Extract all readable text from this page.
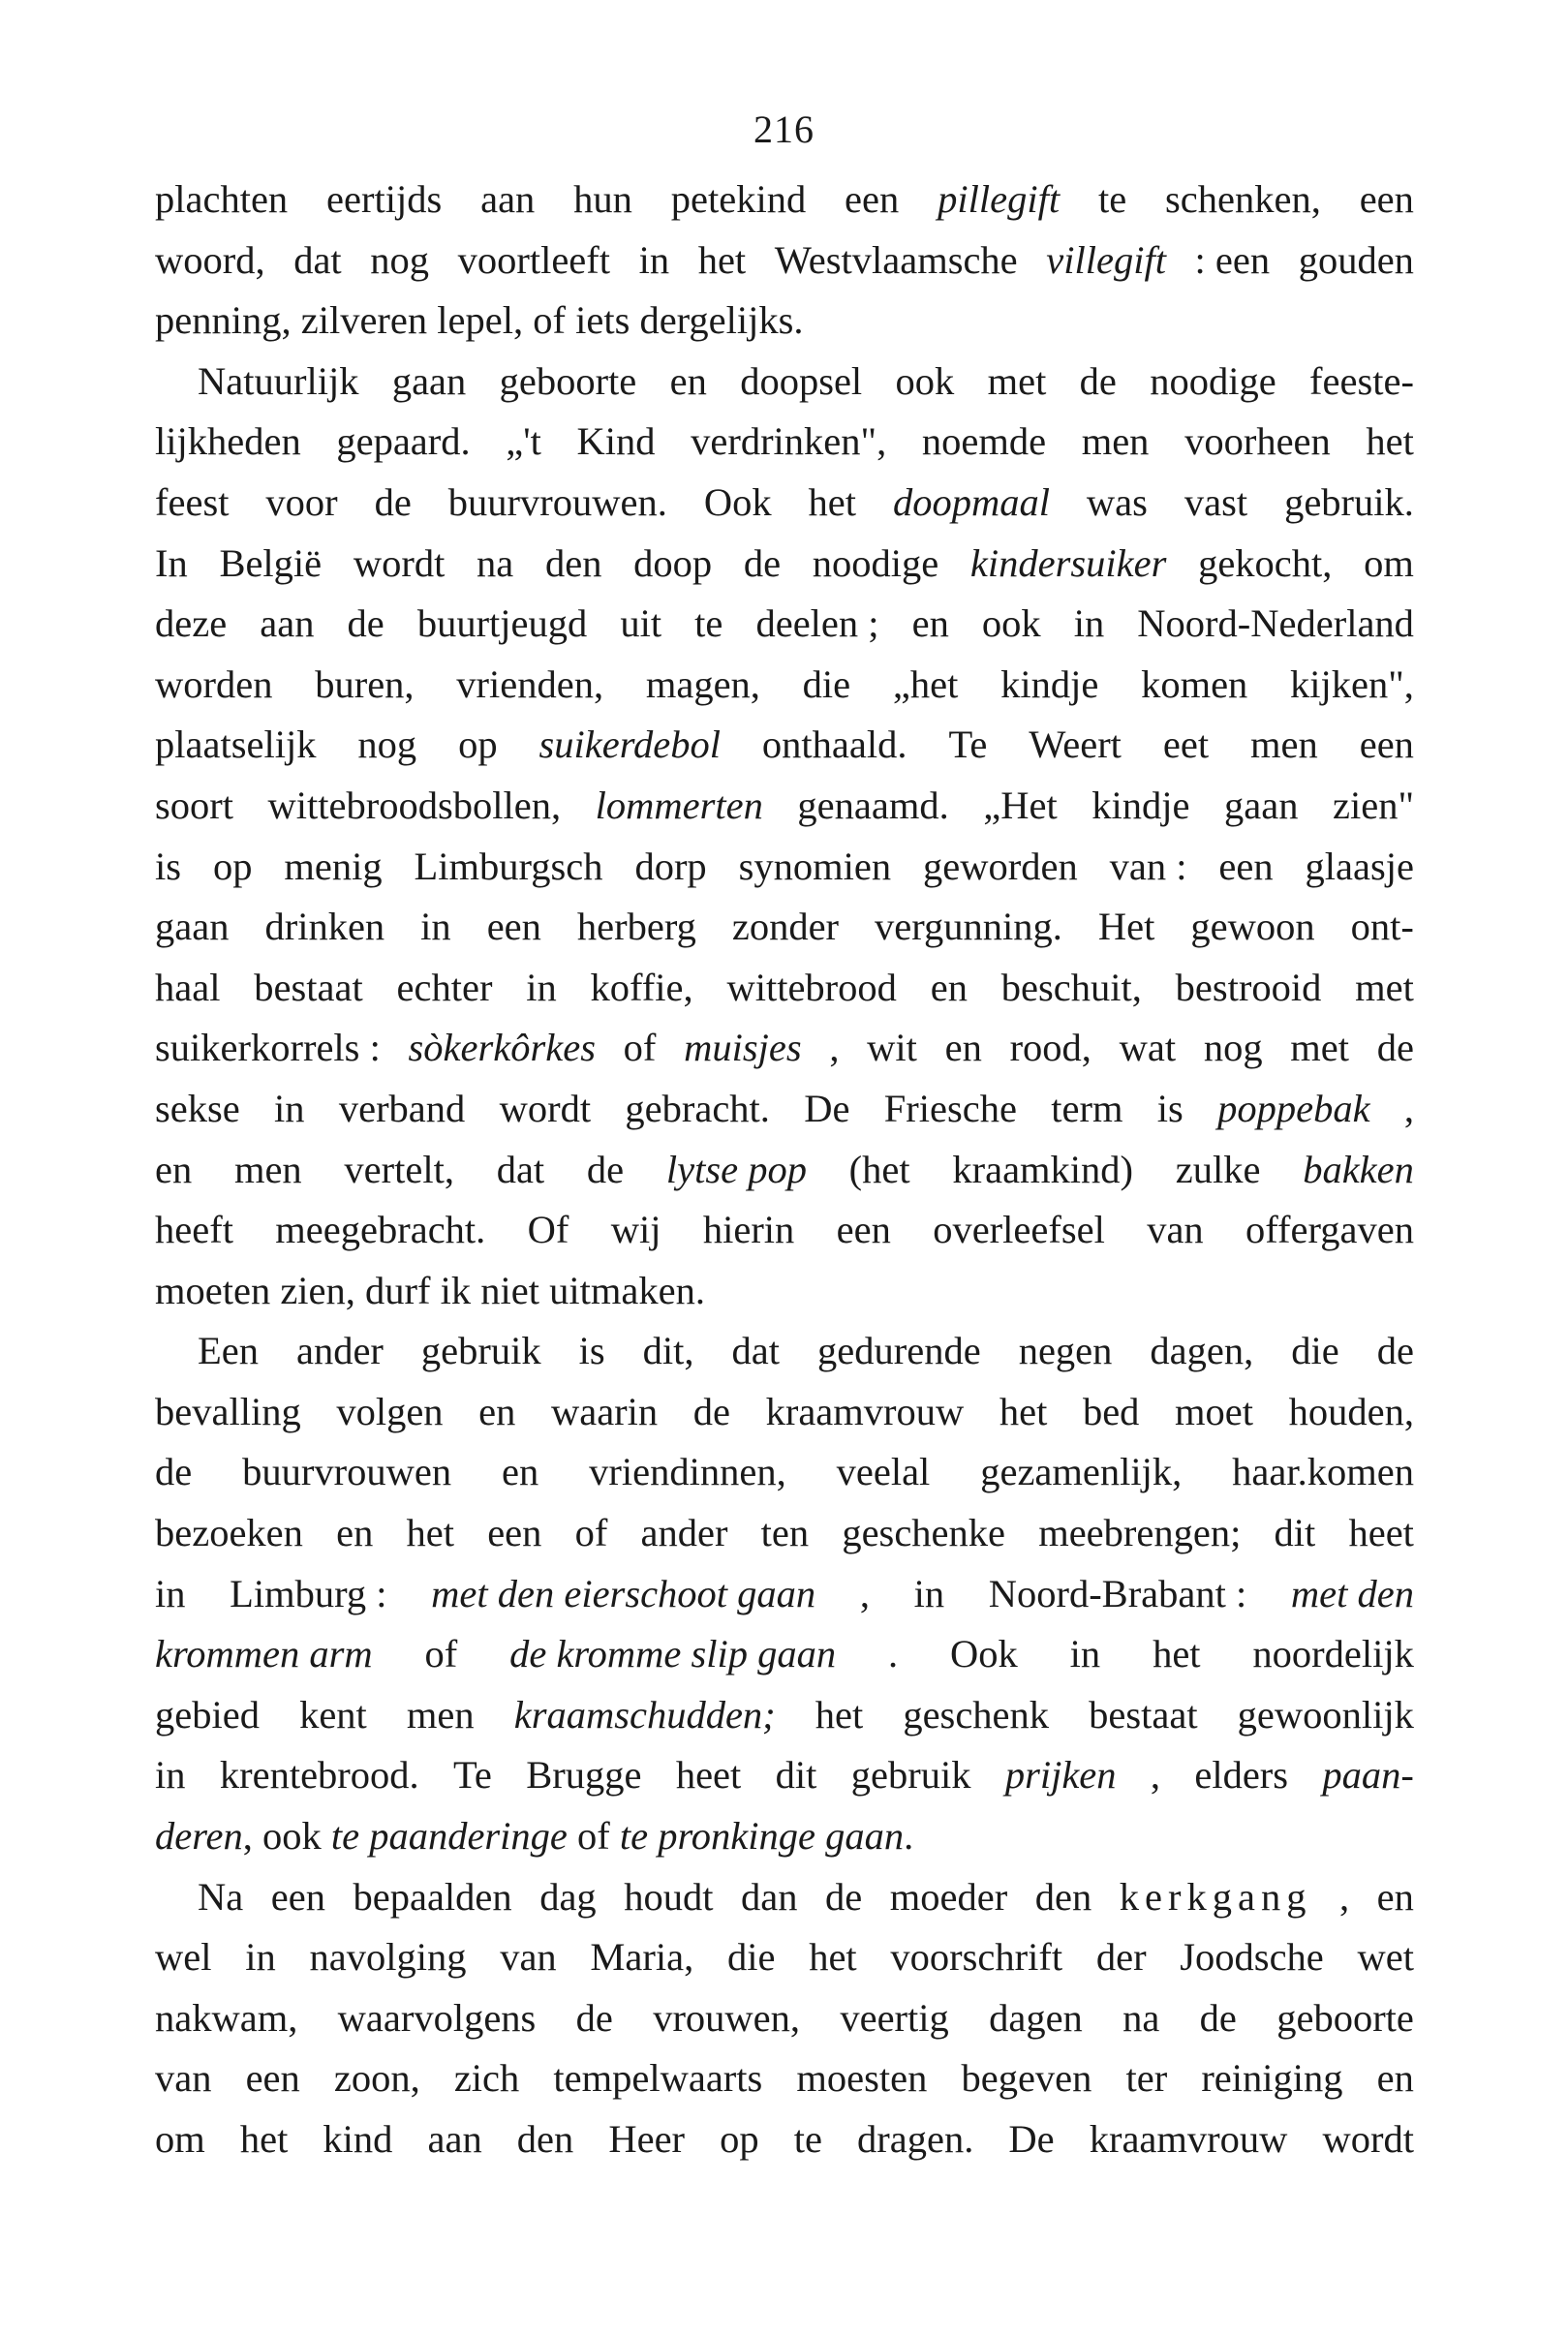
216
plachten eertijds aan hun petekind een pillegift te schenken, een
woord, dat nog voortleeft in het Westvlaamsche villegift : een gouden
penning, zilveren lepel, of iets dergelijks.
Natuurlijk gaan geboorte en doopsel ook met de noodige feeste-
lijkheden gepaard. „'t Kind verdrinken", noemde men voorheen het
feest voor de buurvrouwen. Ook het doopmaal was vast gebruik.
In België wordt na den doop de noodige kindersuiker gekocht, om
deze aan de buurtjeugd uit te deelen ; en ook in Noord-Nederland
worden buren, vrienden, magen, die „het kindje komen kijken",
plaatselijk nog op suikerdebol onthaald. Te Weert eet men een
soort wittebroodsbollen, lommerten genaamd. „Het kindje gaan zien"
is op menig Limburgsch dorp synomien geworden van : een glaasje
gaan drinken in een herberg zonder vergunning. Het gewoon ont-
haal bestaat echter in koffie, wittebrood en beschuit, bestrooid met
suikerkorrels : sòkerkôrkes of muisjes , wit en rood, wat nog met de
sekse in verband wordt gebracht. De Friesche term is poppebak ,
en men vertelt, dat de lytse pop (het kraamkind) zulke bakken
heeft meegebracht. Of wij hierin een overleefsel van offergaven
moeten zien, durf ik niet uitmaken.
Een ander gebruik is dit, dat gedurende negen dagen, die de
bevalling volgen en waarin de kraamvrouw het bed moet houden,
de buurvrouwen en vriendinnen, veelal gezamenlijk, haar.komen
bezoeken en het een of ander ten geschenke meebrengen; dit heet
in Limburg : met den eierschoot gaan , in Noord-Brabant : met den
krommen arm of de kromme slip gaan . Ook in het noordelijk
gebied kent men kraamschudden; het geschenk bestaat gewoonlijk
in krentebrood. Te Brugge heet dit gebruik prijken , elders paan-
deren , ook te paanderinge of te pronkinge gaan .
Na een bepaalden dag houdt dan de moeder den kerkgang , en
wel in navolging van Maria, die het voorschrift der Joodsche wet
nakwam, waarvolgens de vrouwen, veertig dagen na de geboorte
van een zoon, zich tempelwaarts moesten begeven ter reiniging en
om het kind aan den Heer op te dragen. De kraamvrouw wordt
